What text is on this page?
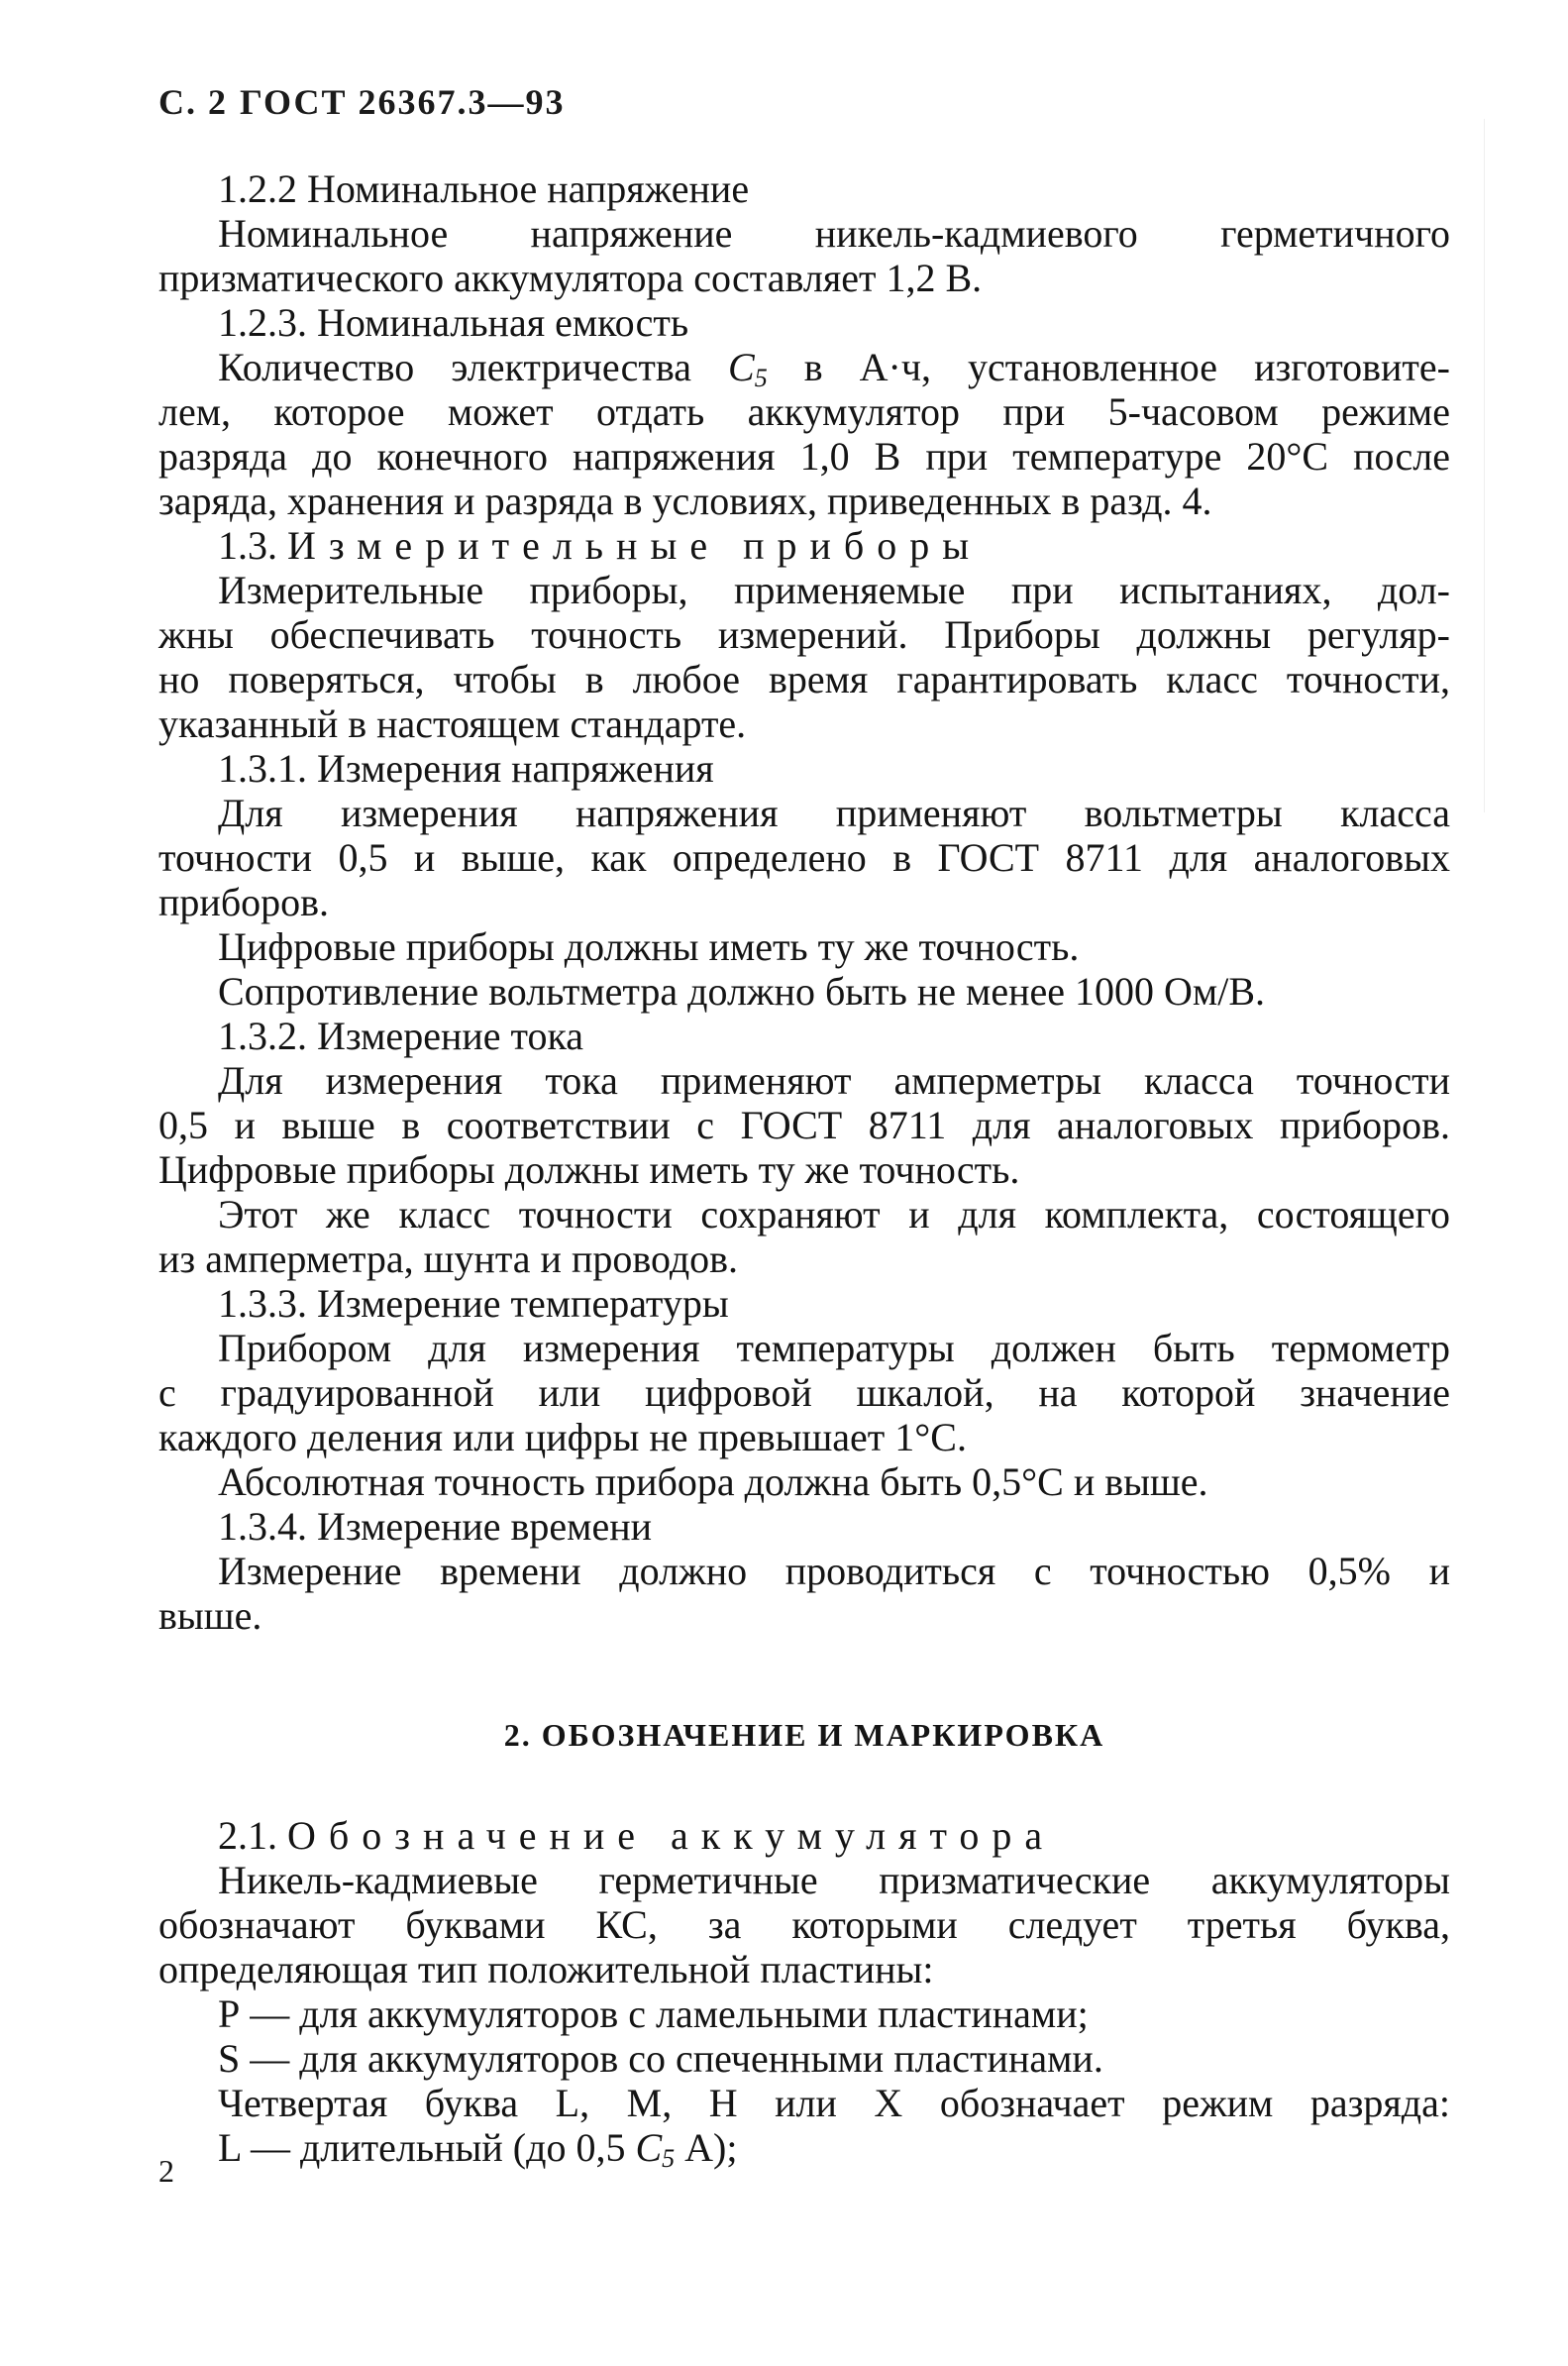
С. 2 ГОСТ 26367.3—93
1.2.2 Номинальное напряжение
Номинальное напряжение никель-кадмиевого герметичного
призматического аккумулятора составляет 1,2 В.
1.2.3. Номинальная емкость
Количество электричества $C_5$ в А·ч, установленное изготовите-
лем, которое может отдать аккумулятор при 5-часовом режиме
разряда до конечного напряжения 1,0 В при температуре 20°С после
заряда, хранения и разряда в условиях, приведенных в разд. 4.
1.3. Измерительные приборы
Измерительные приборы, применяемые при испытаниях, дол-
жны обеспечивать точность измерений. Приборы должны регуляр-
но поверяться, чтобы в любое время гарантировать класс точности,
указанный в настоящем стандарте.
1.3.1. Измерения напряжения
Для измерения напряжения применяют вольтметры класса
точности 0,5 и выше, как определено в ГОСТ 8711 для аналоговых
приборов.
Цифровые приборы должны иметь ту же точность.
Сопротивление вольтметра должно быть не менее 1000 Ом/В.
1.3.2. Измерение тока
Для измерения тока применяют амперметры класса точности
0,5 и выше в соответствии с ГОСТ 8711 для аналоговых приборов.
Цифровые приборы должны иметь ту же точность.
Этот же класс точности сохраняют и для комплекта, состоящего
из амперметра, шунта и проводов.
1.3.3. Измерение температуры
Прибором для измерения температуры должен быть термометр
с градуированной или цифровой шкалой, на которой значение
каждого деления или цифры не превышает 1°С.
Абсолютная точность прибора должна быть 0,5°С и выше.
1.3.4. Измерение времени
Измерение времени должно проводиться с точностью 0,5% и
выше.
2. ОБОЗНАЧЕНИЕ И МАРКИРОВКА
2.1. Обозначение аккумулятора
Никель-кадмиевые герметичные призматические аккумуляторы
обозначают буквами КС, за которыми следует третья буква,
определяющая тип положительной пластины:
Р — для аккумуляторов с ламельными пластинами;
S — для аккумуляторов со спеченными пластинами.
Четвертая буква L, М, Н или X обозначает режим разряда:
L — длительный (до 0,5 $C_5$ А);
2
